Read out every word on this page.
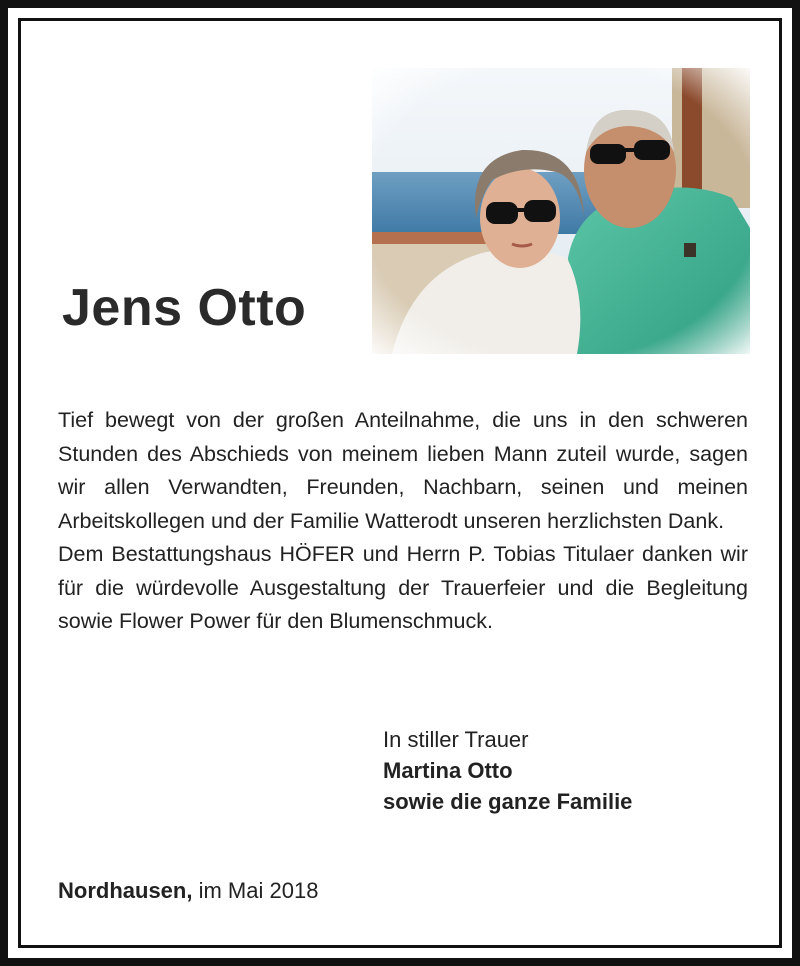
Jens Otto

Tief bewegt von der großen Anteilnahme, die uns in den schweren Stunden des Abschieds von meinem lieben Mann zuteil wurde, sagen wir allen Verwandten, Freunden, Nachbarn, seinen und meinen Arbeitskollegen und der Familie Watterodt unseren herzlichsten Dank.

Dem Bestattungshaus HÖFER und Herrn P. Tobias Titulaer danken wir für die würdevolle Ausgestaltung der Trauerfeier und die Begleitung sowie Flower Power für den Blumenschmuck.

In stiller Trauer
Martina Otto
sowie die ganze Familie
Nordhausen, im Mai 2018
